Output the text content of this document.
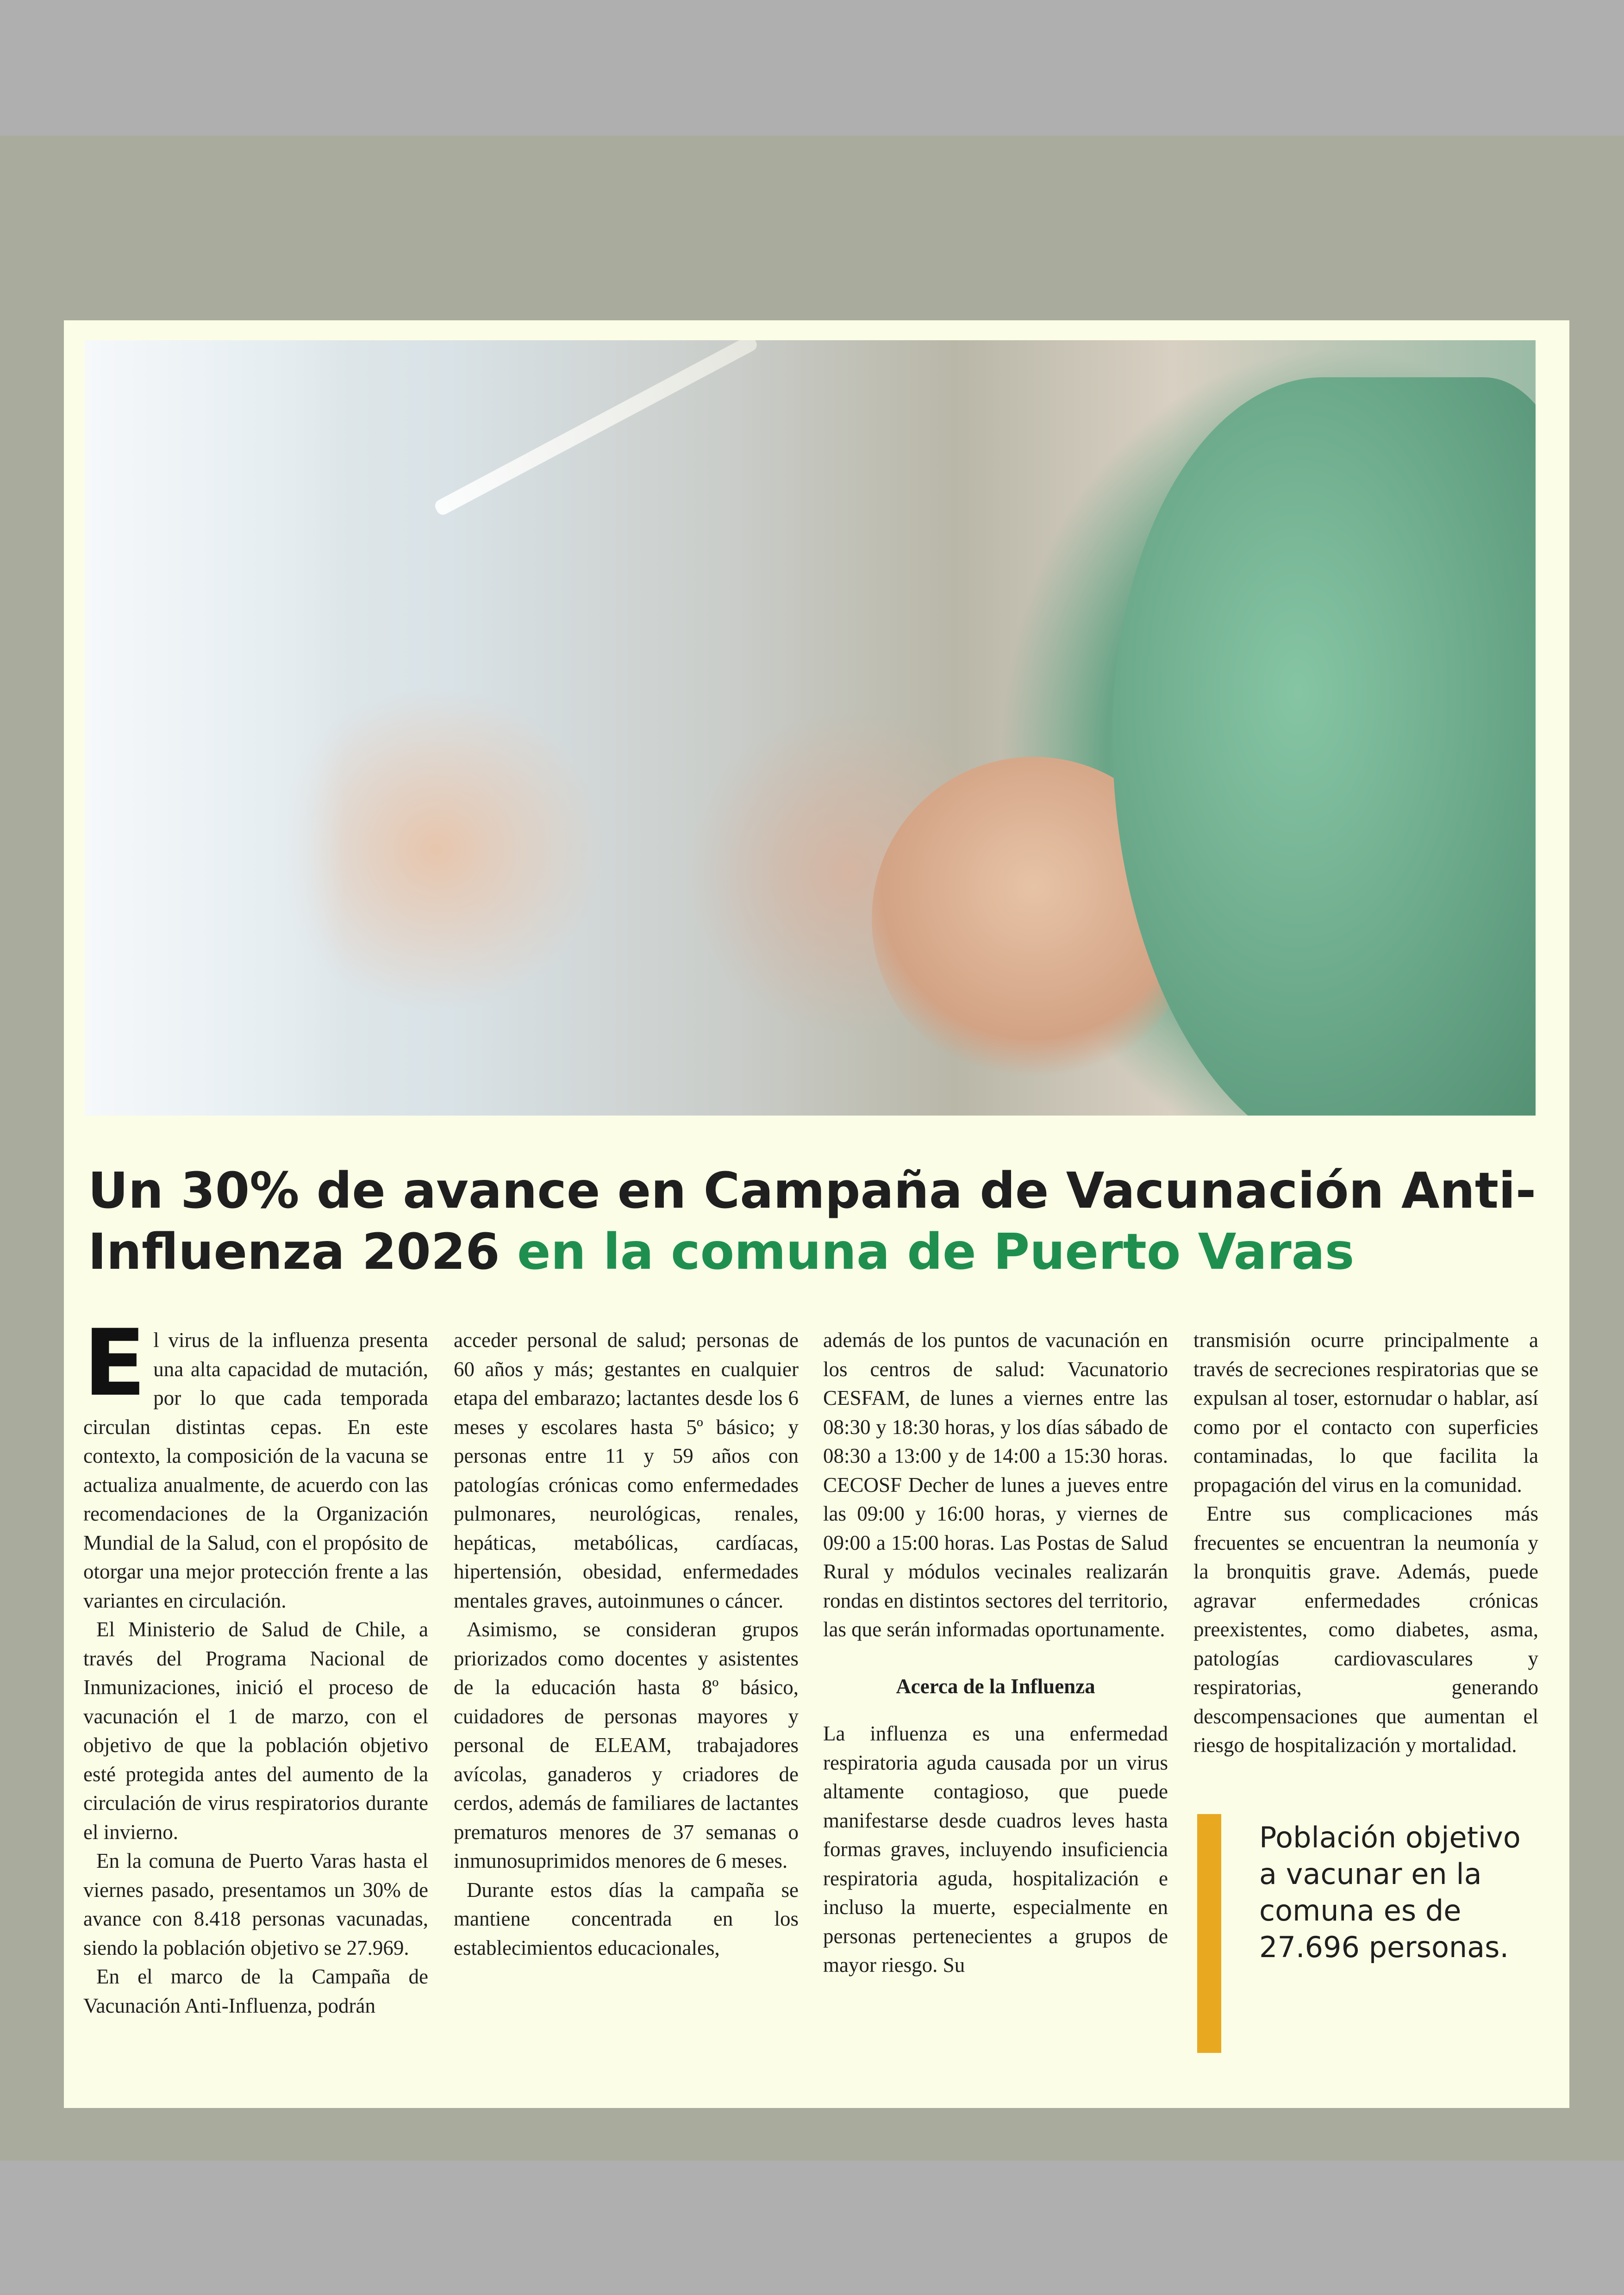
Un 30% de avance en Campaña de Vacunación Anti-Influenza 2026 en la comuna de Puerto Varas
E l virus de la influenza presenta una alta capacidad de mutación, por lo que cada temporada circulan distintas cepas. En este contexto, la composición de la vacuna se actualiza anualmente, de acuerdo con las recomendaciones de la Organización Mundial de la Salud, con el propósito de otorgar una mejor protección frente a las variantes en circulación.

El Ministerio de Salud de Chile, a través del Programa Nacional de Inmunizaciones, inició el proceso de vacunación el 1 de marzo, con el objetivo de que la población objetivo esté protegida antes del aumento de la circulación de virus respiratorios durante el invierno.

En la comuna de Puerto Varas hasta el viernes pasado, presentamos un 30% de avance con 8.418 personas vacunadas, siendo la población objetivo se 27.969.

En el marco de la Campaña de Vacunación Anti-Influenza, podrán

acceder personal de salud; personas de 60 años y más; gestantes en cualquier etapa del embarazo; lactantes desde los 6 meses y escolares hasta 5º básico; y personas entre 11 y 59 años con patologías crónicas como enfermedades pulmonares, neurológicas, renales, hepáticas, metabólicas, cardíacas, hipertensión, obesidad, enfermedades mentales graves, autoinmunes o cáncer.

Asimismo, se consideran grupos priorizados como docentes y asistentes de la educación hasta 8º básico, cuidadores de personas mayores y personal de ELEAM, trabajadores avícolas, ganaderos y criadores de cerdos, además de familiares de lactantes prematuros menores de 37 semanas o inmunosuprimidos menores de 6 meses.

Durante estos días la campaña se mantiene concentrada en los establecimientos educacionales,

además de los puntos de vacunación en los centros de salud: Vacunatorio CESFAM, de lunes a viernes entre las 08:30 y 18:30 horas, y los días sábado de 08:30 a 13:00 y de 14:00 a 15:30 horas. CECOSF Decher de lunes a jueves entre las 09:00 y 16:00 horas, y viernes de 09:00 a 15:00 horas. Las Postas de Salud Rural y módulos vecinales realizarán rondas en distintos sectores del territorio, las que serán informadas oportunamente.

Acerca de la Influenza

La influenza es una enfermedad respiratoria aguda causada por un virus altamente contagioso, que puede manifestarse desde cuadros leves hasta formas graves, incluyendo insuficiencia respiratoria aguda, hospitalización e incluso la muerte, especialmente en personas pertenecientes a grupos de mayor riesgo. Su

transmisión ocurre principalmente a través de secreciones respiratorias que se expulsan al toser, estornudar o hablar, así como por el contacto con superficies contaminadas, lo que facilita la propagación del virus en la comunidad.

Entre sus complicaciones más frecuentes se encuentran la neumonía y la bronquitis grave. Además, puede agravar enfermedades crónicas preexistentes, como diabetes, asma, patologías cardiovasculares y respiratorias, generando descompensaciones que aumentan el riesgo de hospitalización y mortalidad.

Población objetivo a vacunar en la comuna es de 27.696 personas.
